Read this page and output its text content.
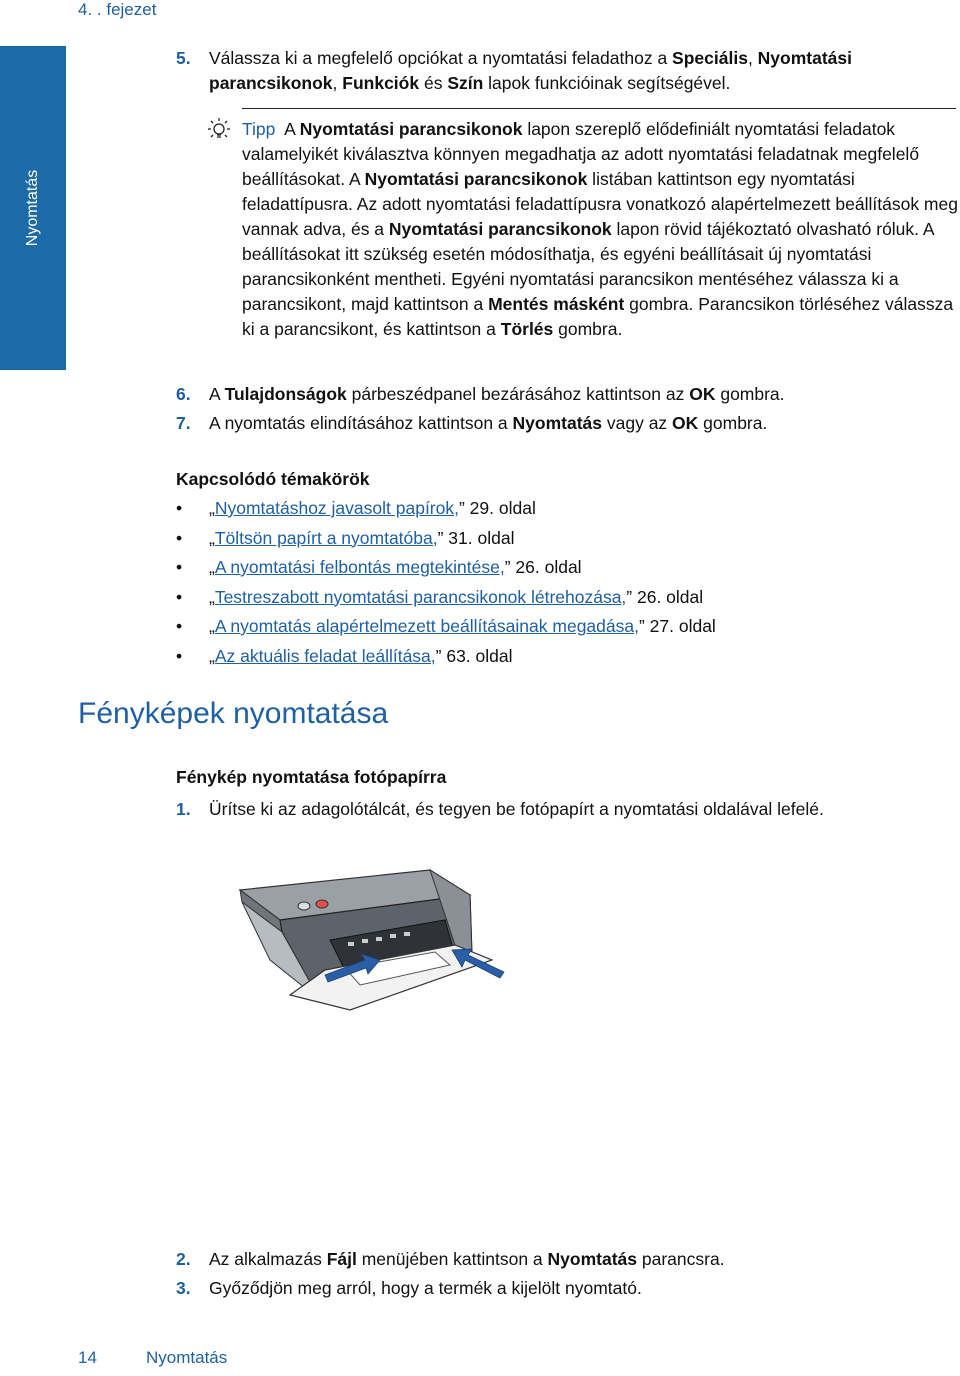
4. . fejezet
Nyomtatás
5. Válassza ki a megfelelő opciókat a nyomtatási feladathoz a Speciális, Nyomtatási parancsikonok, Funkciók és Szín lapok funkcióinak segítségével.
Tipp  A Nyomtatási parancsikonok lapon szereplő elődefiniált nyomtatási feladatok valamelyikét kiválasztva könnyen megadhatja az adott nyomtatási feladatnak megfelelő beállításokat. A Nyomtatási parancsikonok listában kattintson egy nyomtatási feladattípusra. Az adott nyomtatási feladattípusra vonatkozó alapértelmezett beállítások meg vannak adva, és a Nyomtatási parancsikonok lapon rövid tájékoztató olvasható róluk. A beállításokat itt szükség esetén módosíthatja, és egyéni beállításait új nyomtatási parancsikonként mentheti. Egyéni nyomtatási parancsikon mentéséhez válassza ki a parancsikont, majd kattintson a Mentés másként gombra. Parancsikon törléséhez válassza ki a parancsikont, és kattintson a Törlés gombra.
6. A Tulajdonságok párbeszédpanel bezárásához kattintson az OK gombra.
7. A nyomtatás elindításához kattintson a Nyomtatás vagy az OK gombra.
Kapcsolódó témakörök
• „Nyomtatáshoz javasolt papírok,” 29. oldal
• „Töltsön papírt a nyomtatóba,” 31. oldal
• „A nyomtatási felbontás megtekintése,” 26. oldal
• „Testreszabott nyomtatási parancsikonok létrehozása,” 26. oldal
• „A nyomtatás alapértelmezett beállításainak megadása,” 27. oldal
• „Az aktuális feladat leállítása,” 63. oldal
Fényképek nyomtatása
Fénykép nyomtatása fotópapírra
1. Ürítse ki az adagolótálcát, és tegyen be fotópapírt a nyomtatási oldalával lefelé.
2. Az alkalmazás Fájl menüjében kattintson a Nyomtatás parancsra.
3. Győződjön meg arról, hogy a termék a kijelölt nyomtató.
14	Nyomtatás
